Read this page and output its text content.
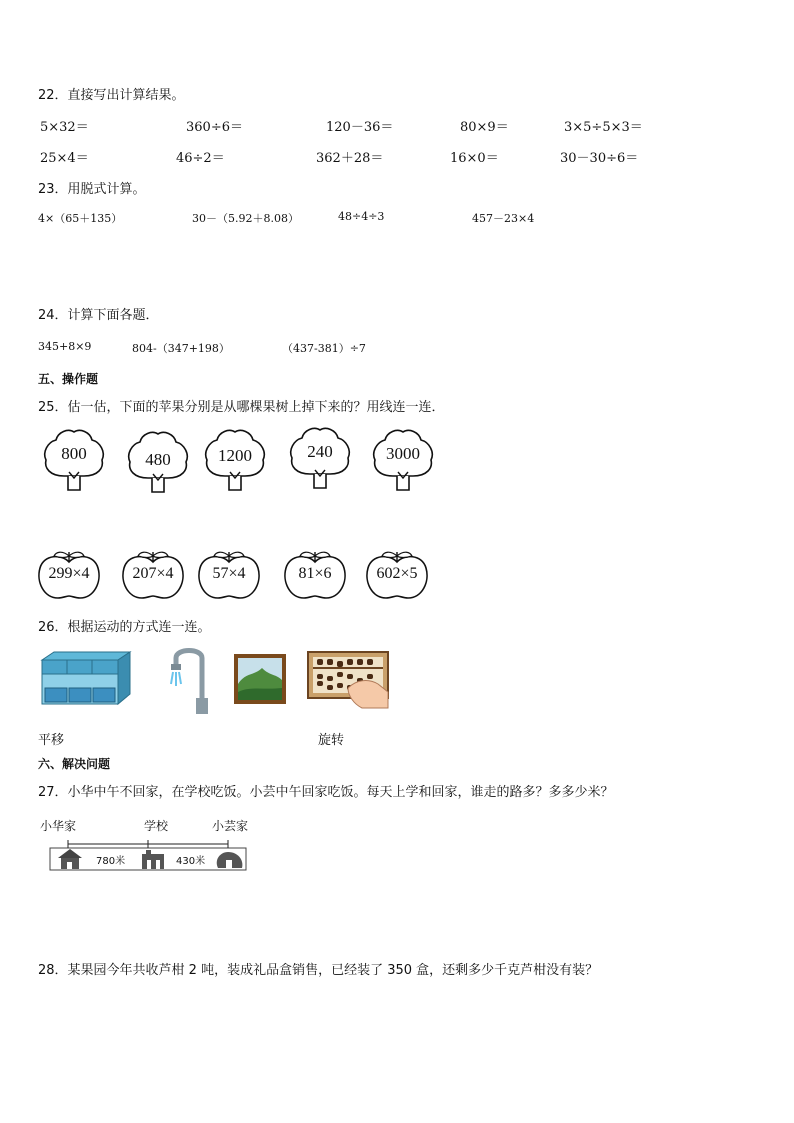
22．直接写出计算结果。
5×32＝	360÷6＝	120－36＝	80×9＝	3×5÷5×3＝
25×4＝	46÷2＝	362＋28＝	16×0＝	30－30÷6＝
23．用脱式计算。
4×（65＋135）	30－（5.92＋8.08）	48÷4÷3	457－23×4
24．计算下面各题．
345+8×9	804-（347+198）	（437-381）÷7
五、操作题
25．估一估，下面的苹果分别是从哪棵果树上掉下来的？用线连一连．
800	480	1200	240	3000
299×4	207×4	57×4	81×6	602×5
26．根据运动的方式连一连。
平移	旋转
六、解决问题
27．小华中午不回家，在学校吃饭。小芸中午回家吃饭。每天上学和回家，谁走的路多？多多少米？
小华家	学校	小芸家
780米	430米
28．某果园今年共收芦柑 2 吨，装成礼品盒销售，已经装了 350 盒，还剩多少千克芦柑没有装？
